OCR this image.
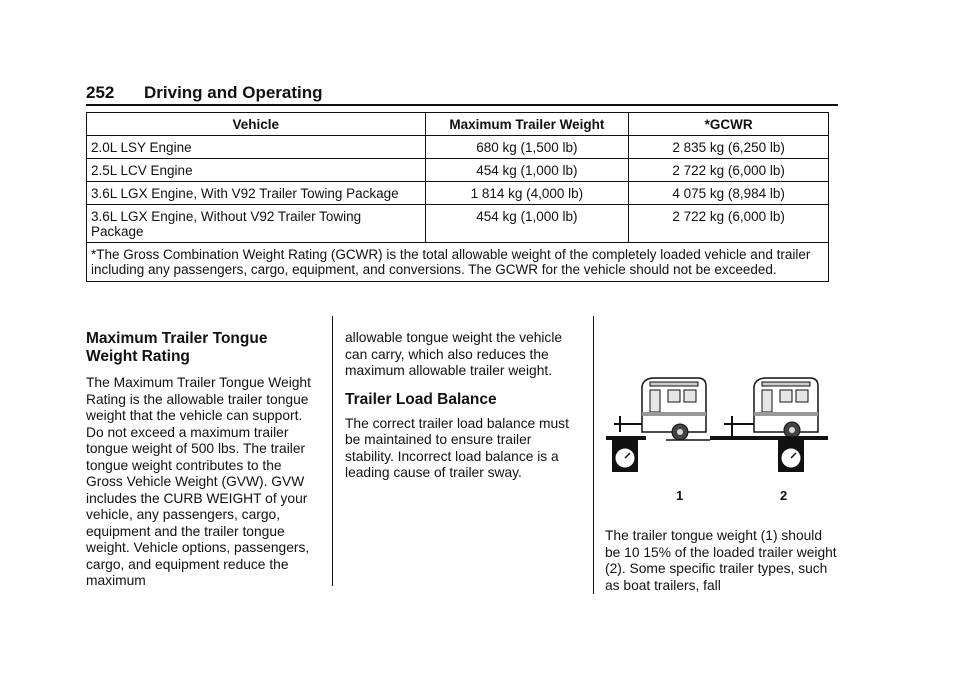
252 Driving and Operating
Vehicle	Maximum Trailer Weight	*GCWR
2.0L LSY Engine	680 kg (1,500 lb)	2 835 kg (6,250 lb)
2.5L LCV Engine	454 kg (1,000 lb)	2 722 kg (6,000 lb)
3.6L LGX Engine, With V92 Trailer Towing Package	1 814 kg (4,000 lb)	4 075 kg (8,984 lb)
3.6L LGX Engine, Without V92 Trailer Towing Package	454 kg (1,000 lb)	2 722 kg (6,000 lb)
*The Gross Combination Weight Rating (GCWR) is the total allowable weight of the completely loaded vehicle and trailer including any passengers, cargo, equipment, and conversions. The GCWR for the vehicle should not be exceeded.		
Maximum Trailer Tongue Weight Rating

The Maximum Trailer Tongue Weight Rating is the allowable trailer tongue weight that the vehicle can support. Do not exceed a maximum trailer tongue weight of 500 lbs. The trailer tongue weight contributes to the Gross Vehicle Weight (GVW). GVW includes the CURB WEIGHT of your vehicle, any passengers, cargo, equipment and the trailer tongue weight. Vehicle options, passengers, cargo, and equipment reduce the maximum

allowable tongue weight the vehicle can carry, which also reduces the maximum allowable trailer weight.

Trailer Load Balance

The correct trailer load balance must be maintained to ensure trailer stability. Incorrect load balance is a leading cause of trailer sway.

1	2

The trailer tongue weight (1) should be 10 15% of the loaded trailer weight (2). Some specific trailer types, such as boat trailers, fall
